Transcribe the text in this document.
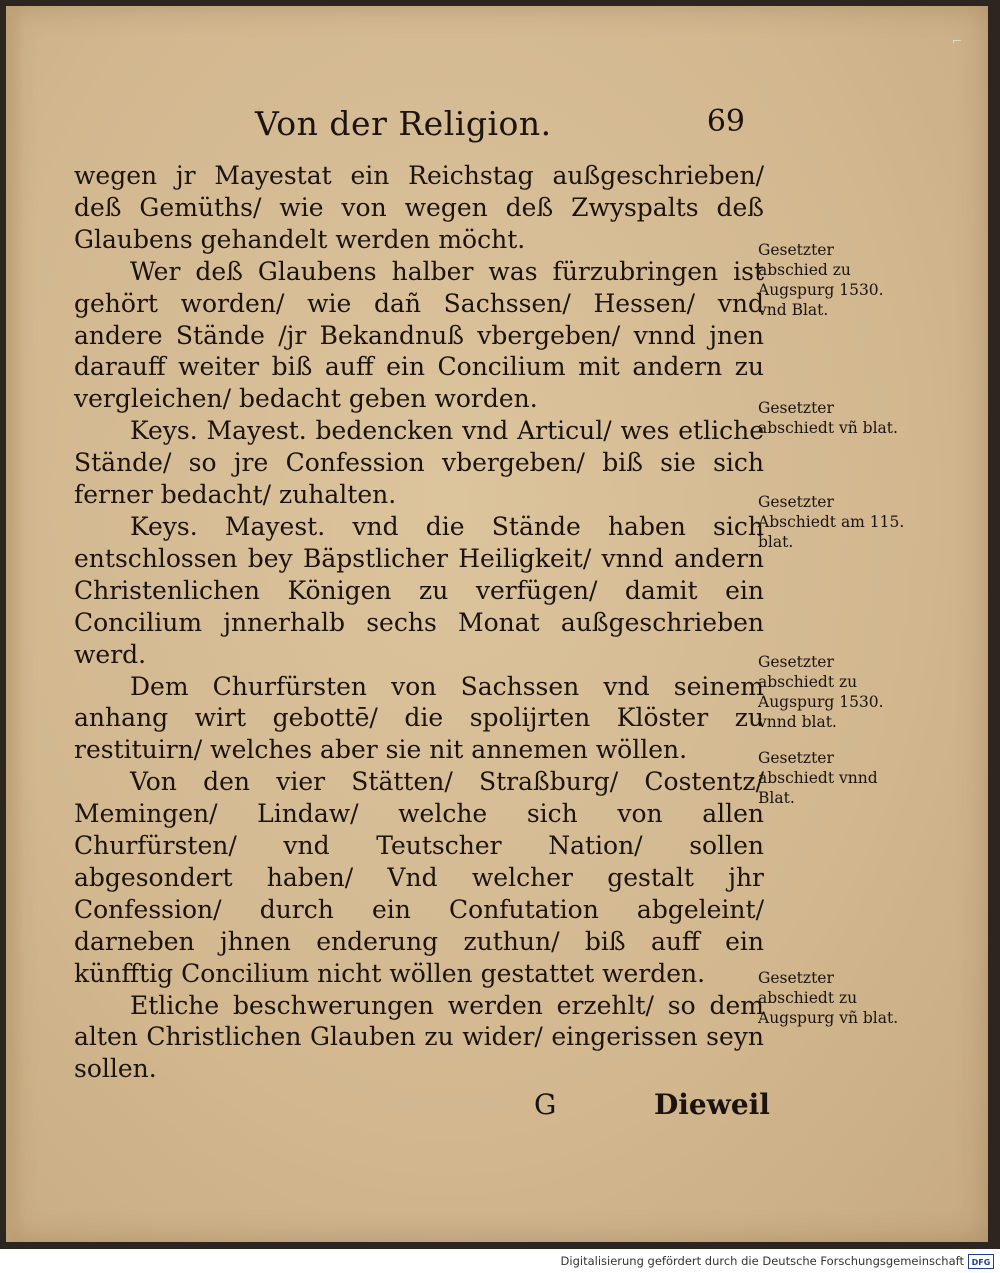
⌐
Von der Religion.	69

wegen jr Mayestat ein Reichstag außgeschrieben/ deß Gemüths/ wie von wegen deß Zwyspalts deß Glaubens gehandelt werden möcht.

Wer deß Glaubens halber was fürzubringen ist gehört worden/ wie dañ Sachssen/ Hessen/ vnd andere Stände /jr Bekandnuß vbergeben/ vnnd jnen darauff weiter biß auff ein Concilium mit andern zu vergleichen/ bedacht geben worden.

Keys. Mayest. bedencken vnd Articul/ wes etliche Stände/ so jre Confession vbergeben/ biß sie sich ferner bedacht/ zuhalten.

Keys. Mayest. vnd die Stände haben sich entschlossen bey Bäpstlicher Heiligkeit/ vnnd andern Christenlichen Königen zu verfügen/ damit ein Concilium jnnerhalb sechs Monat außgeschrieben werd.

Dem Churfürsten von Sachssen vnd seinem anhang wirt gebottē/ die spolijrten Klöster zu restituirn/ welches aber sie nit annemen wöllen.

Von den vier Stätten/ Straßburg/ Costentz/ Memingen/ Lindaw/ welche sich von allen Churfürsten/ vnd Teutscher Nation/ sollen abgesondert haben/ Vnd welcher gestalt jhr Confession/ durch ein Confutation abgeleint/ darneben jhnen enderung zuthun/ biß auff ein künfftig Concilium nicht wöllen gestattet werden.

Etliche beschwerungen werden erzehlt/ so dem alten Christlichen Glauben zu wider/ eingerissen seyn sollen.

Gesetzter abschied zu Augspurg 1530. vnd Blat.
Gesetzter abschiedt vñ blat.
Gesetzter Abschiedt am 115. blat.
Gesetzter abschiedt zu Augspurg 1530. vnnd blat.
Gesetzter abschiedt vnnd Blat.
Gesetzter abschiedt zu Augspurg vñ blat.
G	Dieweil
Digitalisierung gefördert durch die Deutsche Forschungsgemeinschaft DFG
